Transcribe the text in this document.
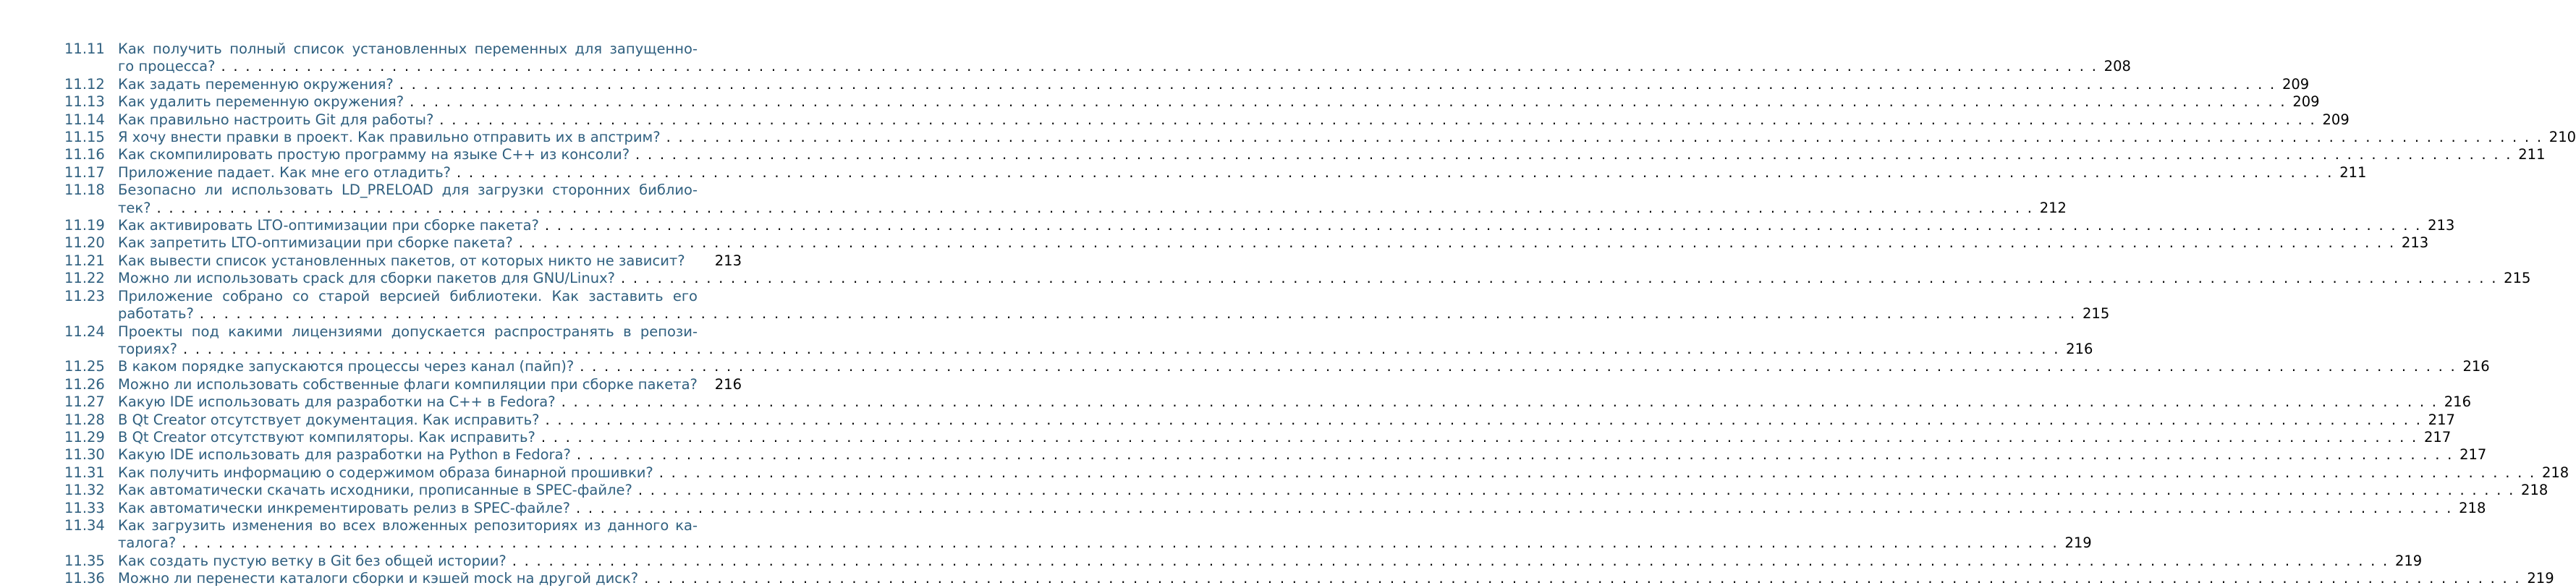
11.11 Как получить полный список установленных переменных для запущенно-
го процесса? . . .	208
11.12 Как задать переменную окружения? . . .	209
11.13 Как удалить переменную окружения? . . .	209
11.14 Как правильно настроить Git для работы? . . .	209
11.15 Я хочу внести правки в проект. Как правильно отправить их в апстрим? . . .	210
11.16 Как скомпилировать простую программу на языке C++ из консоли? . . .	211
11.17 Приложение падает. Как мне его отладить? . . .	211
11.18 Безопасно ли использовать LD_PRELOAD для загрузки сторонних библио-
тек? . . .	212
11.19 Как активировать LTO-оптимизации при сборке пакета? . . .	213
11.20 Как запретить LTO-оптимизации при сборке пакета? . . .	213
11.21 Как вывести список установленных пакетов, от которых никто не зависит?	213
11.22 Можно ли использовать cpack для сборки пакетов для GNU/Linux? . . .	215
11.23 Приложение собрано со старой версией библиотеки. Как заставить его
работать? . . .	215
11.24 Проекты под какими лицензиями допускается распространять в репози-
ториях? . . .	216
11.25 В каком порядке запускаются процессы через канал (пайп)? . . .	216
11.26 Можно ли использовать собственные флаги компиляции при сборке пакета?	216
11.27 Какую IDE использовать для разработки на C++ в Fedora? . . .	216
11.28 В Qt Creator отсутствует документация. Как исправить? . . .	217
11.29 В Qt Creator отсутствуют компиляторы. Как исправить? . . .	217
11.30 Какую IDE использовать для разработки на Python в Fedora? . . .	217
11.31 Как получить информацию о содержимом образа бинарной прошивки? . . .	218
11.32 Как автоматически скачать исходники, прописанные в SPEC-файле? . . .	218
11.33 Как автоматически инкрементировать релиз в SPEC-файле? . . .	218
11.34 Как загрузить изменения во всех вложенных репозиториях из данного ка-
талога? . . .	219
11.35 Как создать пустую ветку в Git без общей истории? . . .	219
11.36 Можно ли перенести каталоги сборки и кэшей mock на другой диск? . . .	219
